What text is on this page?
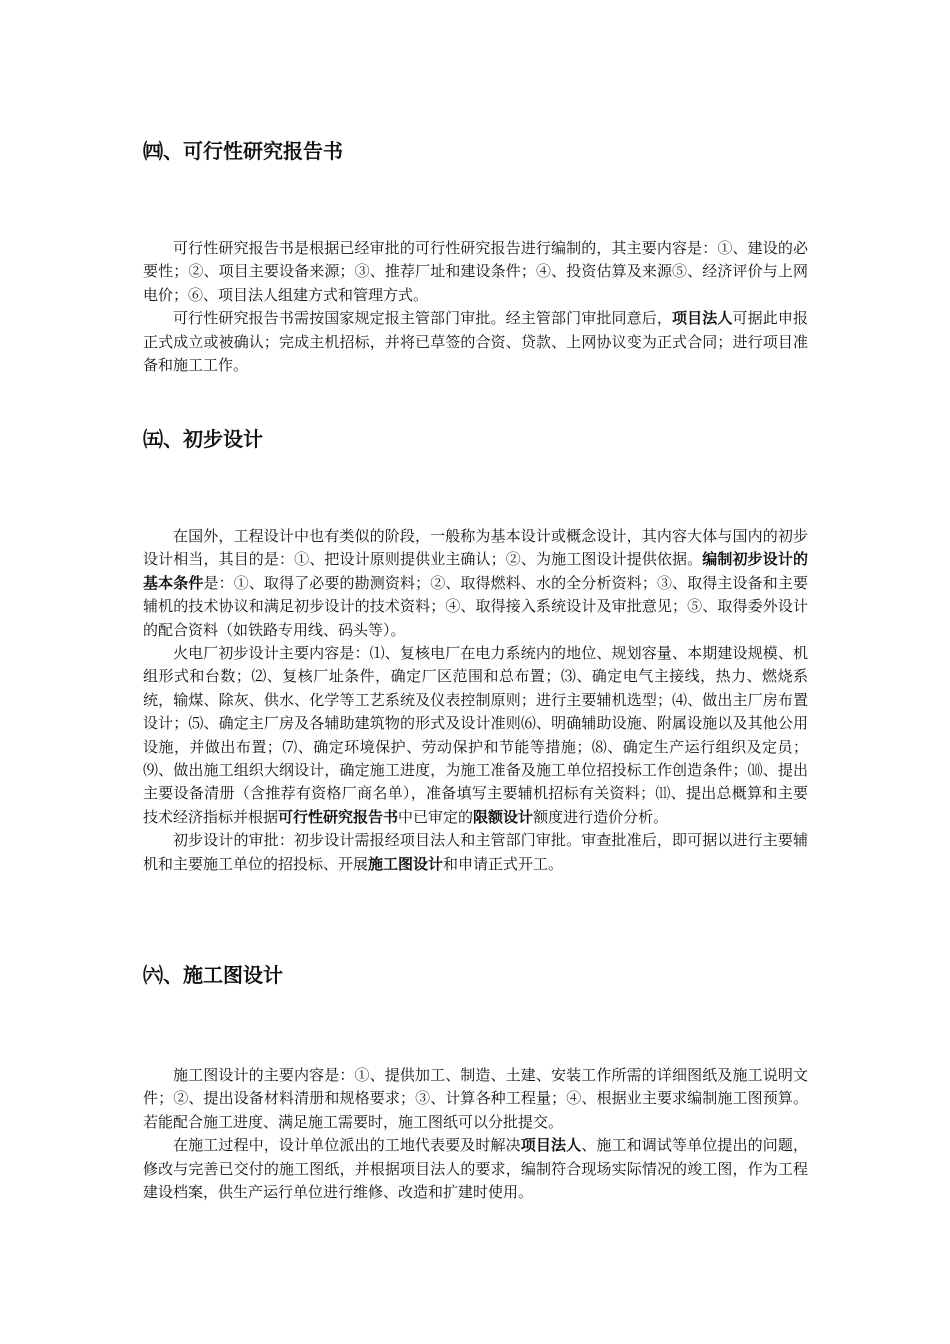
㈣、可行性研究报告书

可行性研究报告书是根据已经审批的可行性研究报告进行编制的，其主要内容是：①、建设的必要性；②、项目主要设备来源；③、推荐厂址和建设条件；④、投资估算及来源⑤、经济评价与上网电价；⑥、项目法人组建方式和管理方式。

可行性研究报告书需按国家规定报主管部门审批。经主管部门审批同意后，项目法人可据此申报正式成立或被确认；完成主机招标，并将已草签的合资、贷款、上网协议变为正式合同；进行项目准备和施工工作。

㈤、初步设计

在国外，工程设计中也有类似的阶段，一般称为基本设计或概念设计，其内容大体与国内的初步设计相当，其目的是：①、把设计原则提供业主确认；②、为施工图设计提供依据。编制初步设计的基本条件是：①、取得了必要的勘测资料；②、取得燃料、水的全分析资料；③、取得主设备和主要辅机的技术协议和满足初步设计的技术资料；④、取得接入系统设计及审批意见；⑤、取得委外设计的配合资料（如铁路专用线、码头等）。

火电厂初步设计主要内容是：⑴、复核电厂在电力系统内的地位、规划容量、本期建设规模、机组形式和台数；⑵、复核厂址条件，确定厂区范围和总布置；⑶、确定电气主接线，热力、燃烧系统，输煤、除灰、供水、化学等工艺系统及仪表控制原则；进行主要辅机选型；⑷、做出主厂房布置设计；⑸、确定主厂房及各辅助建筑物的形式及设计准则⑹、明确辅助设施、附属设施以及其他公用设施，并做出布置；⑺、确定环境保护、劳动保护和节能等措施；⑻、确定生产运行组织及定员；⑼、做出施工组织大纲设计，确定施工进度，为施工准备及施工单位招投标工作创造条件；⑽、提出主要设备清册（含推荐有资格厂商名单），准备填写主要辅机招标有关资料；⑾、提出总概算和主要技术经济指标并根据可行性研究报告书中已审定的限额设计额度进行造价分析。

初步设计的审批：初步设计需报经项目法人和主管部门审批。审查批准后，即可据以进行主要辅机和主要施工单位的招投标、开展施工图设计和申请正式开工。

㈥、施工图设计

施工图设计的主要内容是：①、提供加工、制造、土建、安装工作所需的详细图纸及施工说明文件；②、提出设备材料清册和规格要求；③、计算各种工程量；④、根据业主要求编制施工图预算。若能配合施工进度、满足施工需要时，施工图纸可以分批提交。

在施工过程中，设计单位派出的工地代表要及时解决项目法人、施工和调试等单位提出的问题，修改与完善已交付的施工图纸，并根据项目法人的要求，编制符合现场实际情况的竣工图，作为工程建设档案，供生产运行单位进行维修、改造和扩建时使用。
